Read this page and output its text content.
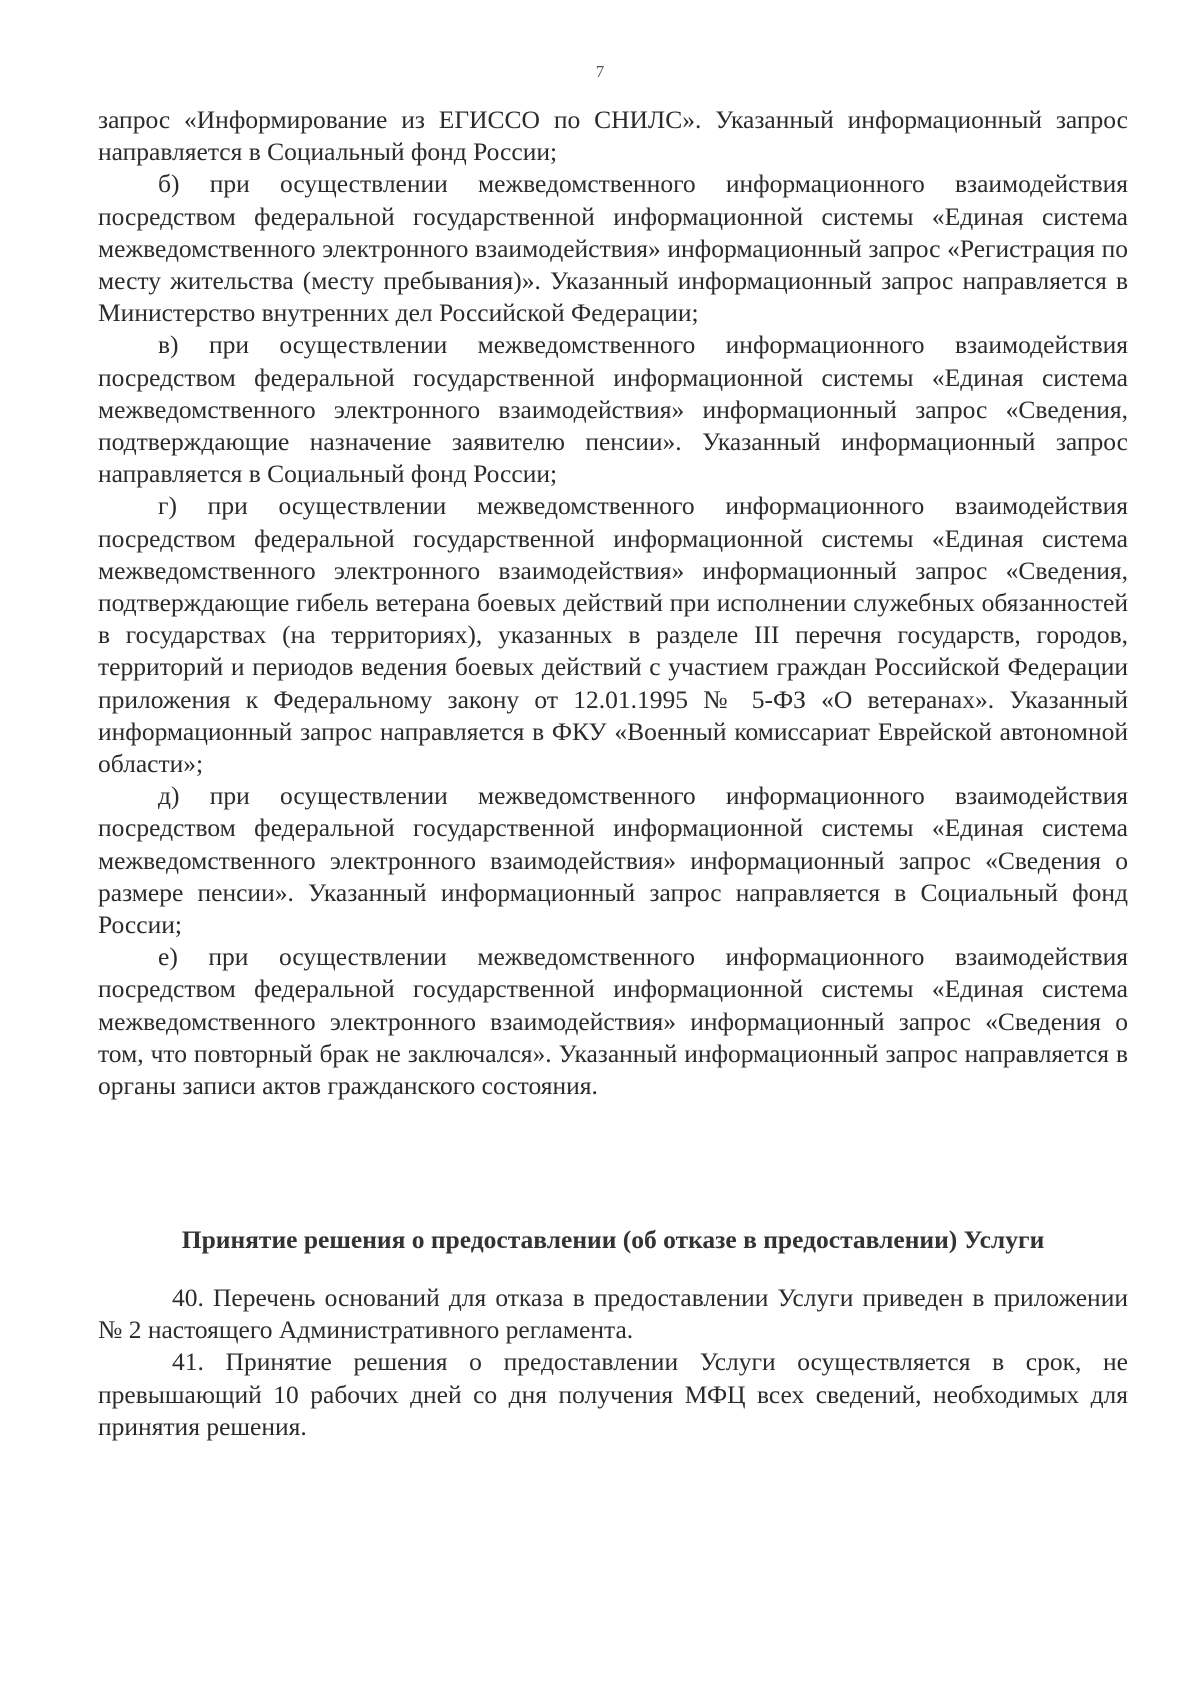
7

запрос «Информирование из ЕГИССО по СНИЛС». Указанный информационный запрос направляется в Социальный фонд России;

б) при осуществлении межведомственного информационного взаимодействия посредством федеральной государственной информационной системы «Единая система межведомственного электронного взаимодействия» информационный запрос «Регистрация по месту жительства (месту пребывания)». Указанный информационный запрос направляется в Министерство внутренних дел Российской Федерации;

в) при осуществлении межведомственного информационного взаимодействия посредством федеральной государственной информационной системы «Единая система межведомственного электронного взаимодействия» информационный запрос «Сведения, подтверждающие назначение заявителю пенсии». Указанный информационный запрос направляется в Социальный фонд России;

г) при осуществлении межведомственного информационного взаимодействия посредством федеральной государственной информационной системы «Единая система межведомственного электронного взаимодействия» информационный запрос «Сведения, подтверждающие гибель ветерана боевых действий при исполнении служебных обязанностей в государствах (на территориях), указанных в разделе III перечня государств, городов, территорий и периодов ведения боевых действий с участием граждан Российской Федерации приложения к Федеральному закону от 12.01.1995 № 5-ФЗ «О ветеранах». Указанный информационный запрос направляется в ФКУ «Военный комиссариат Еврейской автономной области»;

д) при осуществлении межведомственного информационного взаимодействия посредством федеральной государственной информационной системы «Единая система межведомственного электронного взаимодействия» информационный запрос «Сведения о размере пенсии». Указанный информационный запрос направляется в Социальный фонд России;

е) при осуществлении межведомственного информационного взаимодействия посредством федеральной государственной информационной системы «Единая система межведомственного электронного взаимодействия» информационный запрос «Сведения о том, что повторный брак не заключался». Указанный информационный запрос направляется в органы записи актов гражданского состояния.

Принятие решения о предоставлении (об отказе в предоставлении) Услуги

40. Перечень оснований для отказа в предоставлении Услуги приведен в приложении № 2 настоящего Административного регламента.

41. Принятие решения о предоставлении Услуги осуществляется в срок, не превышающий 10 рабочих дней со дня получения МФЦ всех сведений, необходимых для принятия решения.
